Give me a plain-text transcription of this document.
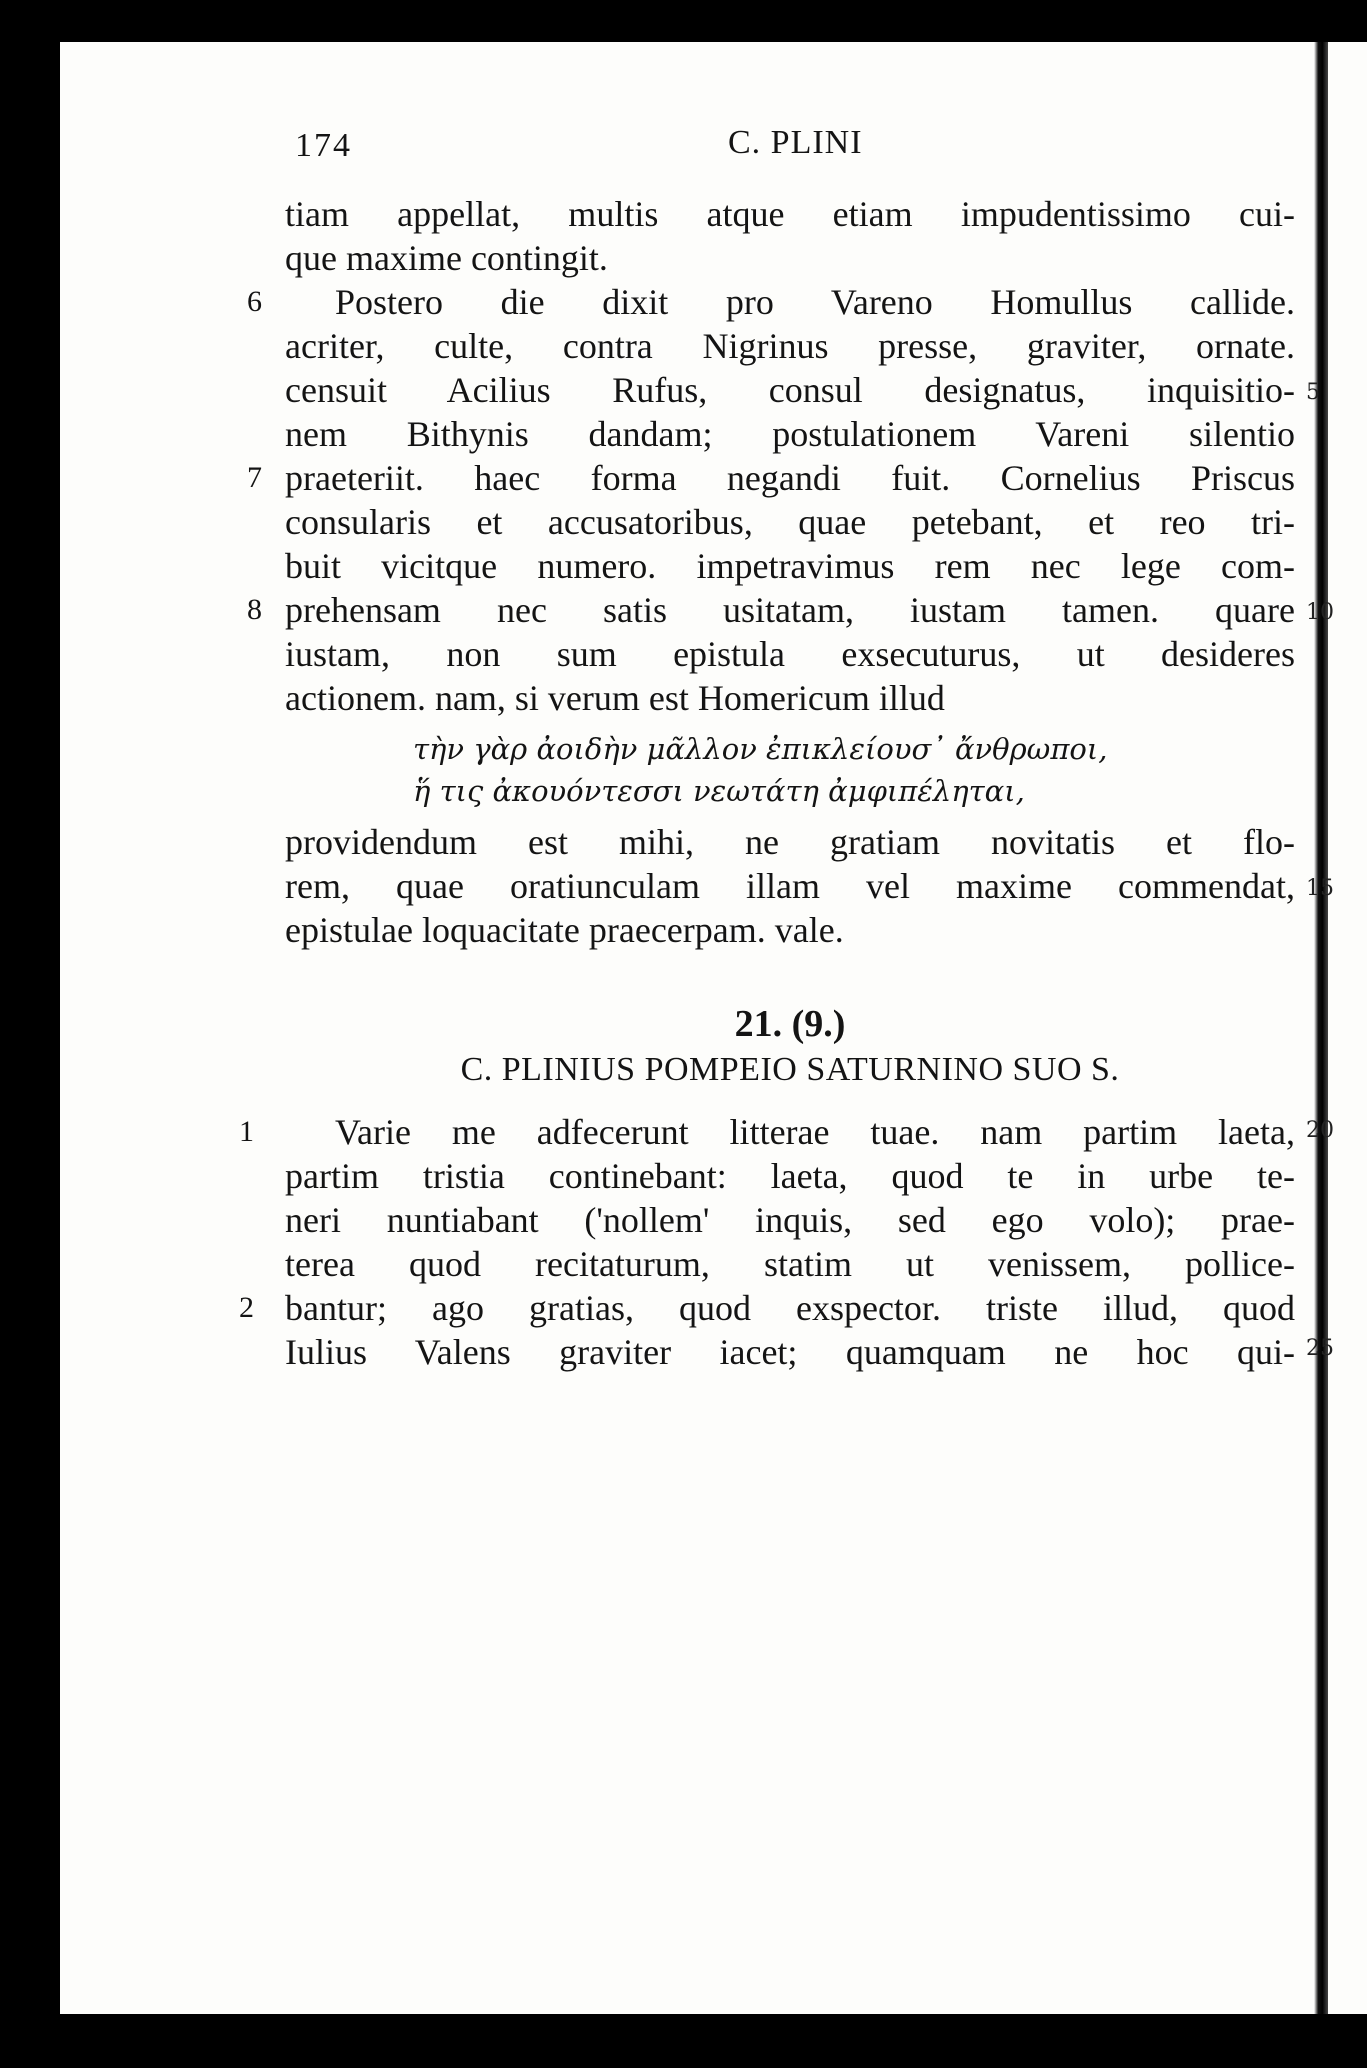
5
10
15
20
25
174	C. PLINI
tiam appellat, multis atque etiam impudentissimo cui-
que maxime contingit.
6 Postero die dixit pro Vareno Homullus callide.
acriter, culte, contra Nigrinus presse, graviter, ornate.
censuit Acilius Rufus, consul designatus, inquisitio-
nem Bithynis dandam; postulationem Vareni silentio
7 praeteriit. haec forma negandi fuit. Cornelius Priscus
consularis et accusatoribus, quae petebant, et reo tri-
buit vicitque numero. impetravimus rem nec lege com-
8 prehensam nec satis usitatam, iustam tamen. quare
iustam, non sum epistula exsecuturus, ut desideres
actionem. nam, si verum est Homericum illud
τὴν γὰρ ἀοιδὴν μᾶλλον ἐπικλείουσ᾽ ἄνθρωποι,
ἥ τις ἀκουόντεσσι νεωτάτη ἀμφιπέληται,
providendum est mihi, ne gratiam novitatis et flo-
rem, quae oratiunculam illam vel maxime commendat,
epistulae loquacitate praecerpam. vale.
21. (9.)
C. PLINIUS POMPEIO SATURNINO SUO S.
1 Varie me adfecerunt litterae tuae. nam partim laeta,
partim tristia continebant: laeta, quod te in urbe te-
neri nuntiabant ('nollem' inquis, sed ego volo); prae-
terea quod recitaturum, statim ut venissem, pollice-
2 bantur; ago gratias, quod exspector. triste illud, quod
Iulius Valens graviter iacet; quamquam ne hoc qui-
